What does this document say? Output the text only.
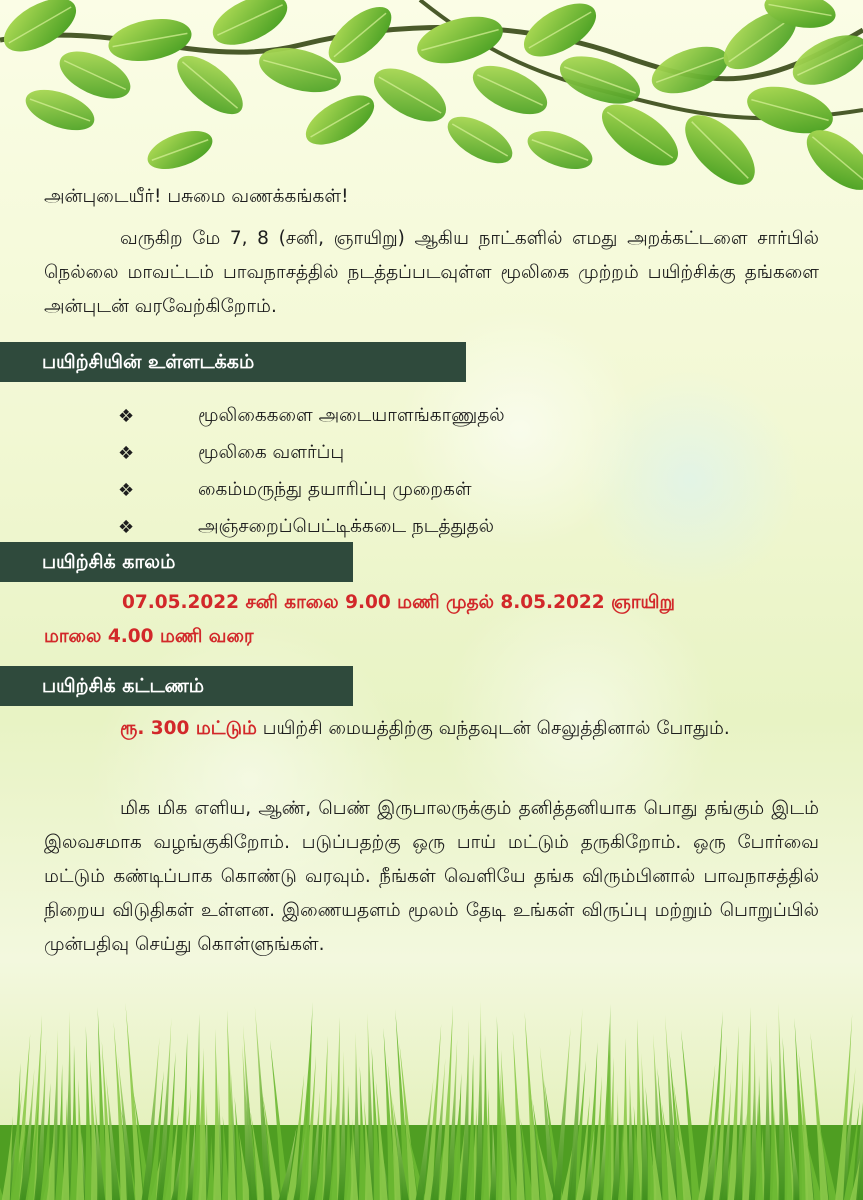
அன்புடையீர்! பசுமை வணக்கங்கள்!

வருகிற மே 7, 8 (சனி, ஞாயிறு) ஆகிய நாட்களில் எமது அறக்கட்டளை சார்பில் நெல்லை மாவட்டம் பாவநாசத்தில் நடத்தப்படவுள்ள மூலிகை முற்றம் பயிற்சிக்கு தங்களை அன்புடன் வரவேற்கிறோம்.

பயிற்சியின் உள்ளடக்கம்
❖	மூலிகைகளை அடையாளங்காணுதல்
❖	மூலிகை வளர்ப்பு
❖	கைம்மருந்து தயாரிப்பு முறைகள்
❖	அஞ்சறைப்பெட்டிக்கடை நடத்துதல்
பயிற்சிக் காலம்

07.05.2022 சனி காலை 9.00 மணி முதல் 8.05.2022 ஞாயிறு

மாலை 4.00 மணி வரை

பயிற்சிக் கட்டணம்

ரூ. 300 மட்டும் பயிற்சி மையத்திற்கு வந்தவுடன் செலுத்தினால் போதும்.

மிக மிக எளிய, ஆண், பெண் இருபாலருக்கும் தனித்தனியாக பொது தங்கும் இடம் இலவசமாக வழங்குகிறோம். படுப்பதற்கு ஒரு பாய் மட்டும் தருகிறோம். ஒரு போர்வை மட்டும் கண்டிப்பாக கொண்டு வரவும். நீங்கள் வெளியே தங்க விரும்பினால் பாவநாசத்தில் நிறைய விடுதிகள் உள்ளன. இணையதளம் மூலம் தேடி உங்கள் விருப்பு மற்றும் பொறுப்பில் முன்பதிவு செய்து கொள்ளுங்கள்.
